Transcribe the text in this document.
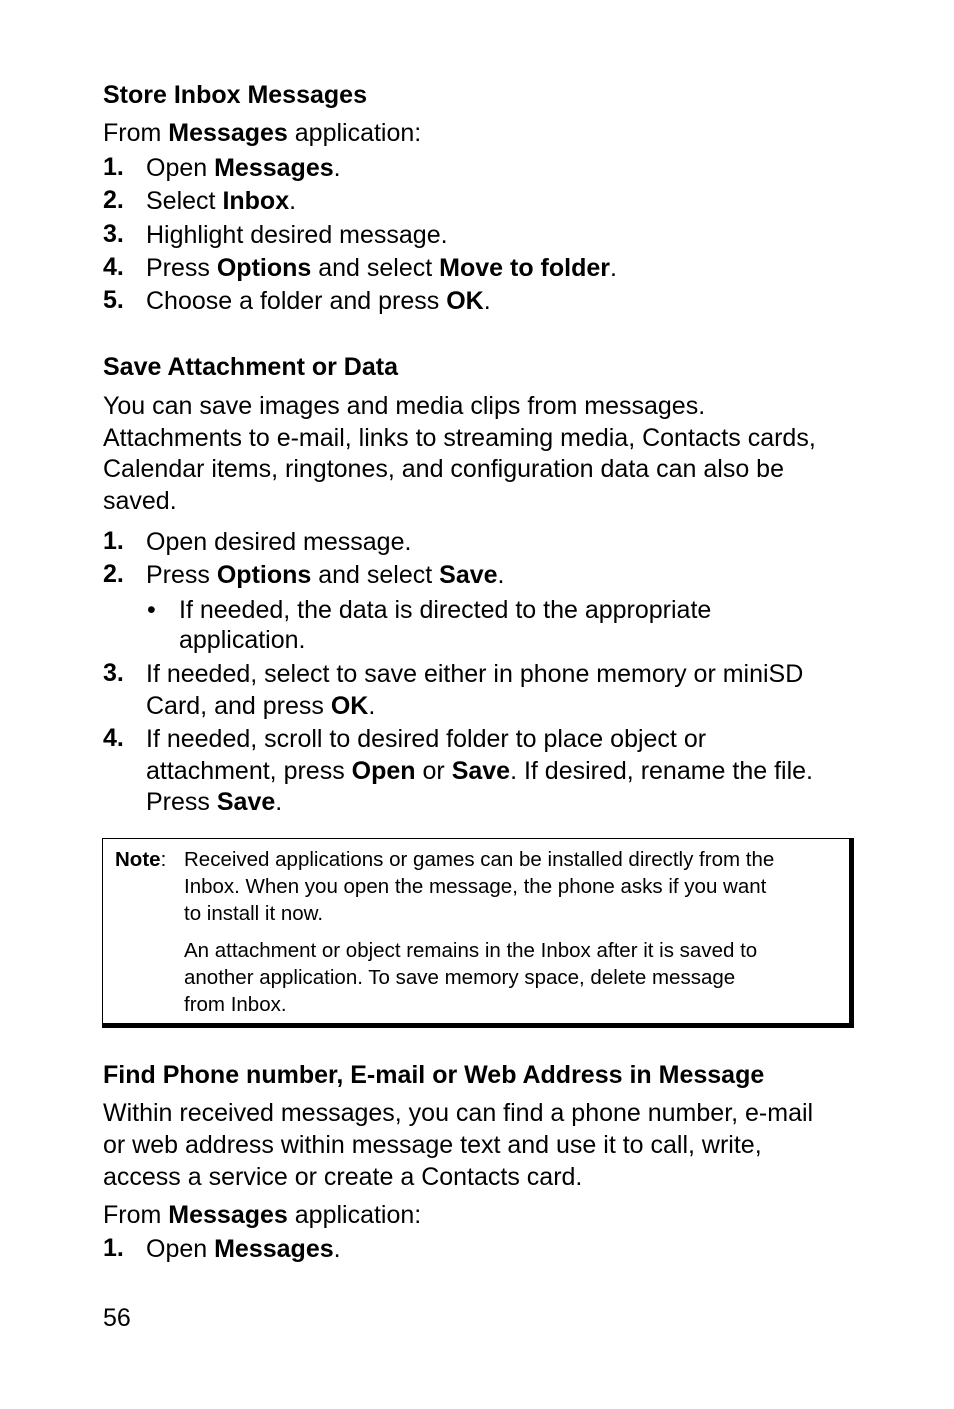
Store Inbox Messages
From Messages application:
1. Open Messages.
2. Select Inbox.
3. Highlight desired message.
4. Press Options and select Move to folder.
5. Choose a folder and press OK.
Save Attachment or Data
You can save images and media clips from messages.
Attachments to e-mail, links to streaming media, Contacts cards,
Calendar items, ringtones, and configuration data can also be
saved.
1. Open desired message.
2. Press Options and select Save.
• If needed, the data is directed to the appropriate
application.
3. If needed, select to save either in phone memory or miniSD
Card, and press OK.
4. If needed, scroll to desired folder to place object or
attachment, press Open or Save. If desired, rename the file.
Press Save.
Note: Received applications or games can be installed directly from the
Inbox. When you open the message, the phone asks if you want
to install it now.
An attachment or object remains in the Inbox after it is saved to
another application. To save memory space, delete message
from Inbox.
Find Phone number, E-mail or Web Address in Message
Within received messages, you can find a phone number, e-mail
or web address within message text and use it to call, write,
access a service or create a Contacts card.
From Messages application:
1. Open Messages.
56
